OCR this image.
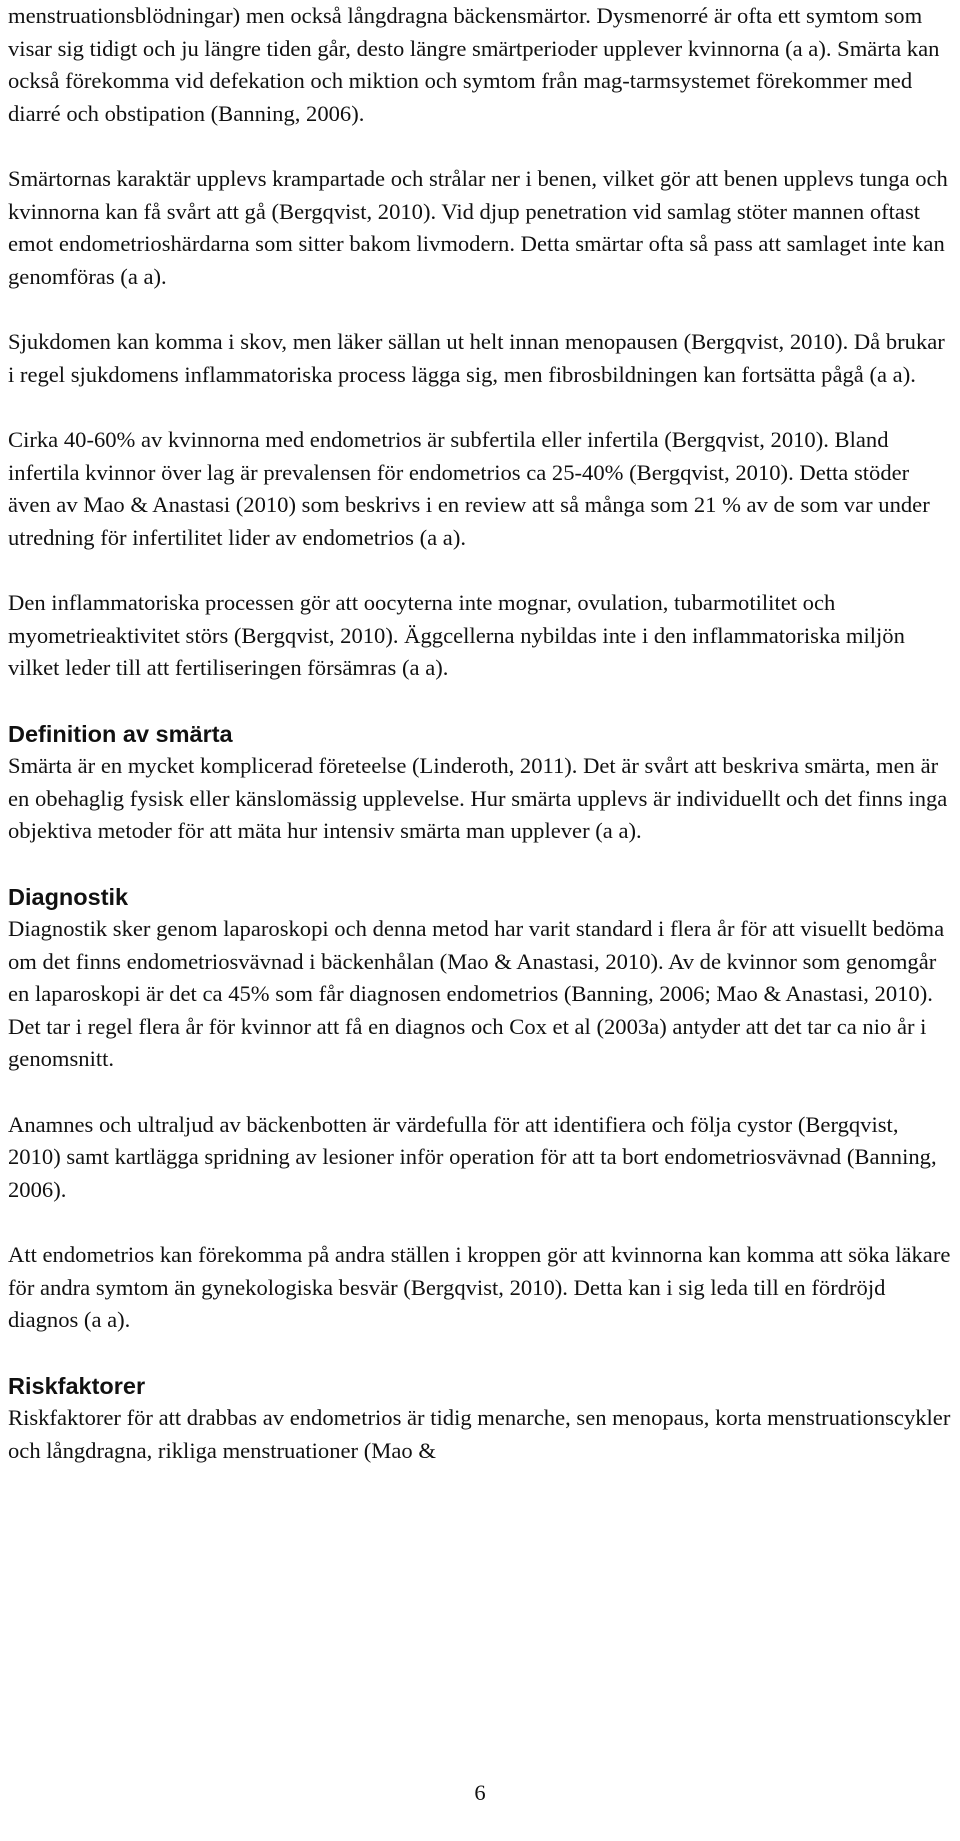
menstruationsblödningar) men också långdragna bäckensmärtor. Dysmenorré är ofta ett symtom som visar sig tidigt och ju längre tiden går, desto längre smärtperioder upplever kvinnorna (a a). Smärta kan också förekomma vid defekation och miktion och symtom från mag-tarmsystemet förekommer med diarré och obstipation (Banning, 2006).

Smärtornas karaktär upplevs krampartade och strålar ner i benen, vilket gör att benen upplevs tunga och kvinnorna kan få svårt att gå (Bergqvist, 2010). Vid djup penetration vid samlag stöter mannen oftast emot endometrioshärdarna som sitter bakom livmodern. Detta smärtar ofta så pass att samlaget inte kan genomföras (a a).

Sjukdomen kan komma i skov, men läker sällan ut helt innan menopausen (Bergqvist, 2010). Då brukar i regel sjukdomens inflammatoriska process lägga sig, men fibrosbildningen kan fortsätta pågå (a a).

Cirka 40-60% av kvinnorna med endometrios är subfertila eller infertila (Bergqvist, 2010). Bland infertila kvinnor över lag är prevalensen för endometrios ca 25-40% (Bergqvist, 2010). Detta stöder även av Mao & Anastasi (2010) som beskrivs i en review att så många som 21 % av de som var under utredning för infertilitet lider av endometrios (a a).

Den inflammatoriska processen gör att oocyterna inte mognar, ovulation, tubarmotilitet och myometrieaktivitet störs (Bergqvist, 2010). Äggcellerna nybildas inte i den inflammatoriska miljön vilket leder till att fertiliseringen försämras (a a).

Definition av smärta

Smärta är en mycket komplicerad företeelse (Linderoth, 2011). Det är svårt att beskriva smärta, men är en obehaglig fysisk eller känslomässig upplevelse. Hur smärta upplevs är individuellt och det finns inga objektiva metoder för att mäta hur intensiv smärta man upplever (a a).

Diagnostik

Diagnostik sker genom laparoskopi och denna metod har varit standard i flera år för att visuellt bedöma om det finns endometriosvävnad i bäckenhålan (Mao & Anastasi, 2010). Av de kvinnor som genomgår en laparoskopi är det ca 45% som får diagnosen endometrios (Banning, 2006; Mao & Anastasi, 2010). Det tar i regel flera år för kvinnor att få en diagnos och Cox et al (2003a) antyder att det tar ca nio år i genomsnitt.

Anamnes och ultraljud av bäckenbotten är värdefulla för att identifiera och följa cystor (Bergqvist, 2010) samt kartlägga spridning av lesioner inför operation för att ta bort endometriosvävnad (Banning, 2006).

Att endometrios kan förekomma på andra ställen i kroppen gör att kvinnorna kan komma att söka läkare för andra symtom än gynekologiska besvär (Bergqvist, 2010). Detta kan i sig leda till en fördröjd diagnos (a a).

Riskfaktorer

Riskfaktorer för att drabbas av endometrios är tidig menarche, sen menopaus, korta menstruationscykler och långdragna, rikliga menstruationer (Mao &

6
